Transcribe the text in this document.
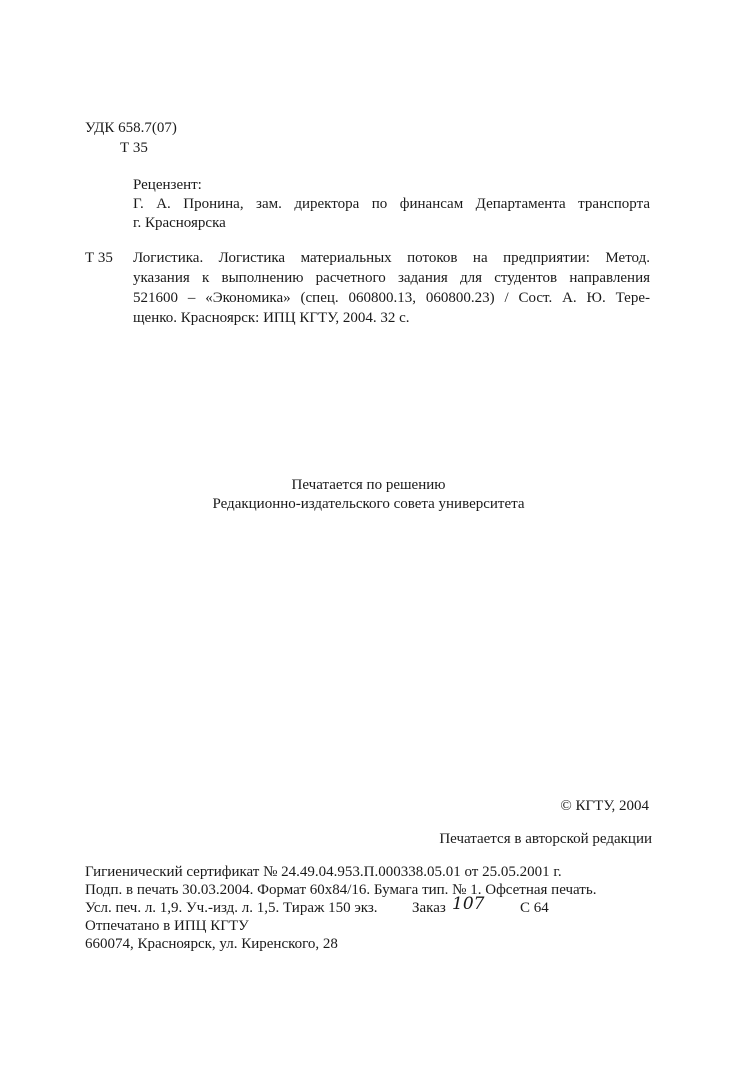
УДК 658.7(07)
Т 35
Рецензент:
Г. А. Пронина, зам. директора по финансам Департамента транспорта
г. Красноярска
Т 35 Логистика. Логистика материальных потоков на предприятии: Метод.
указания к выполнению расчетного задания для студентов направления
521600 – «Экономика» (спец. 060800.13, 060800.23) / Сост. А. Ю. Тере-
щенко. Красноярск: ИПЦ КГТУ, 2004. 32 с.
Печатается по решению
Редакционно-издательского совета университета
© КГТУ, 2004
Печатается в авторской редакции
Гигиенический сертификат № 24.49.04.953.П.000338.05.01 от 25.05.2001 г.
Подп. в печать 30.03.2004. Формат 60х84/16. Бумага тип. № 1. Офсетная печать.
Усл. печ. л. 1,9. Уч.-изд. л. 1,5. Тираж 150 экз. Заказ 107 С 64
Отпечатано в ИПЦ КГТУ
660074, Красноярск, ул. Киренского, 28
